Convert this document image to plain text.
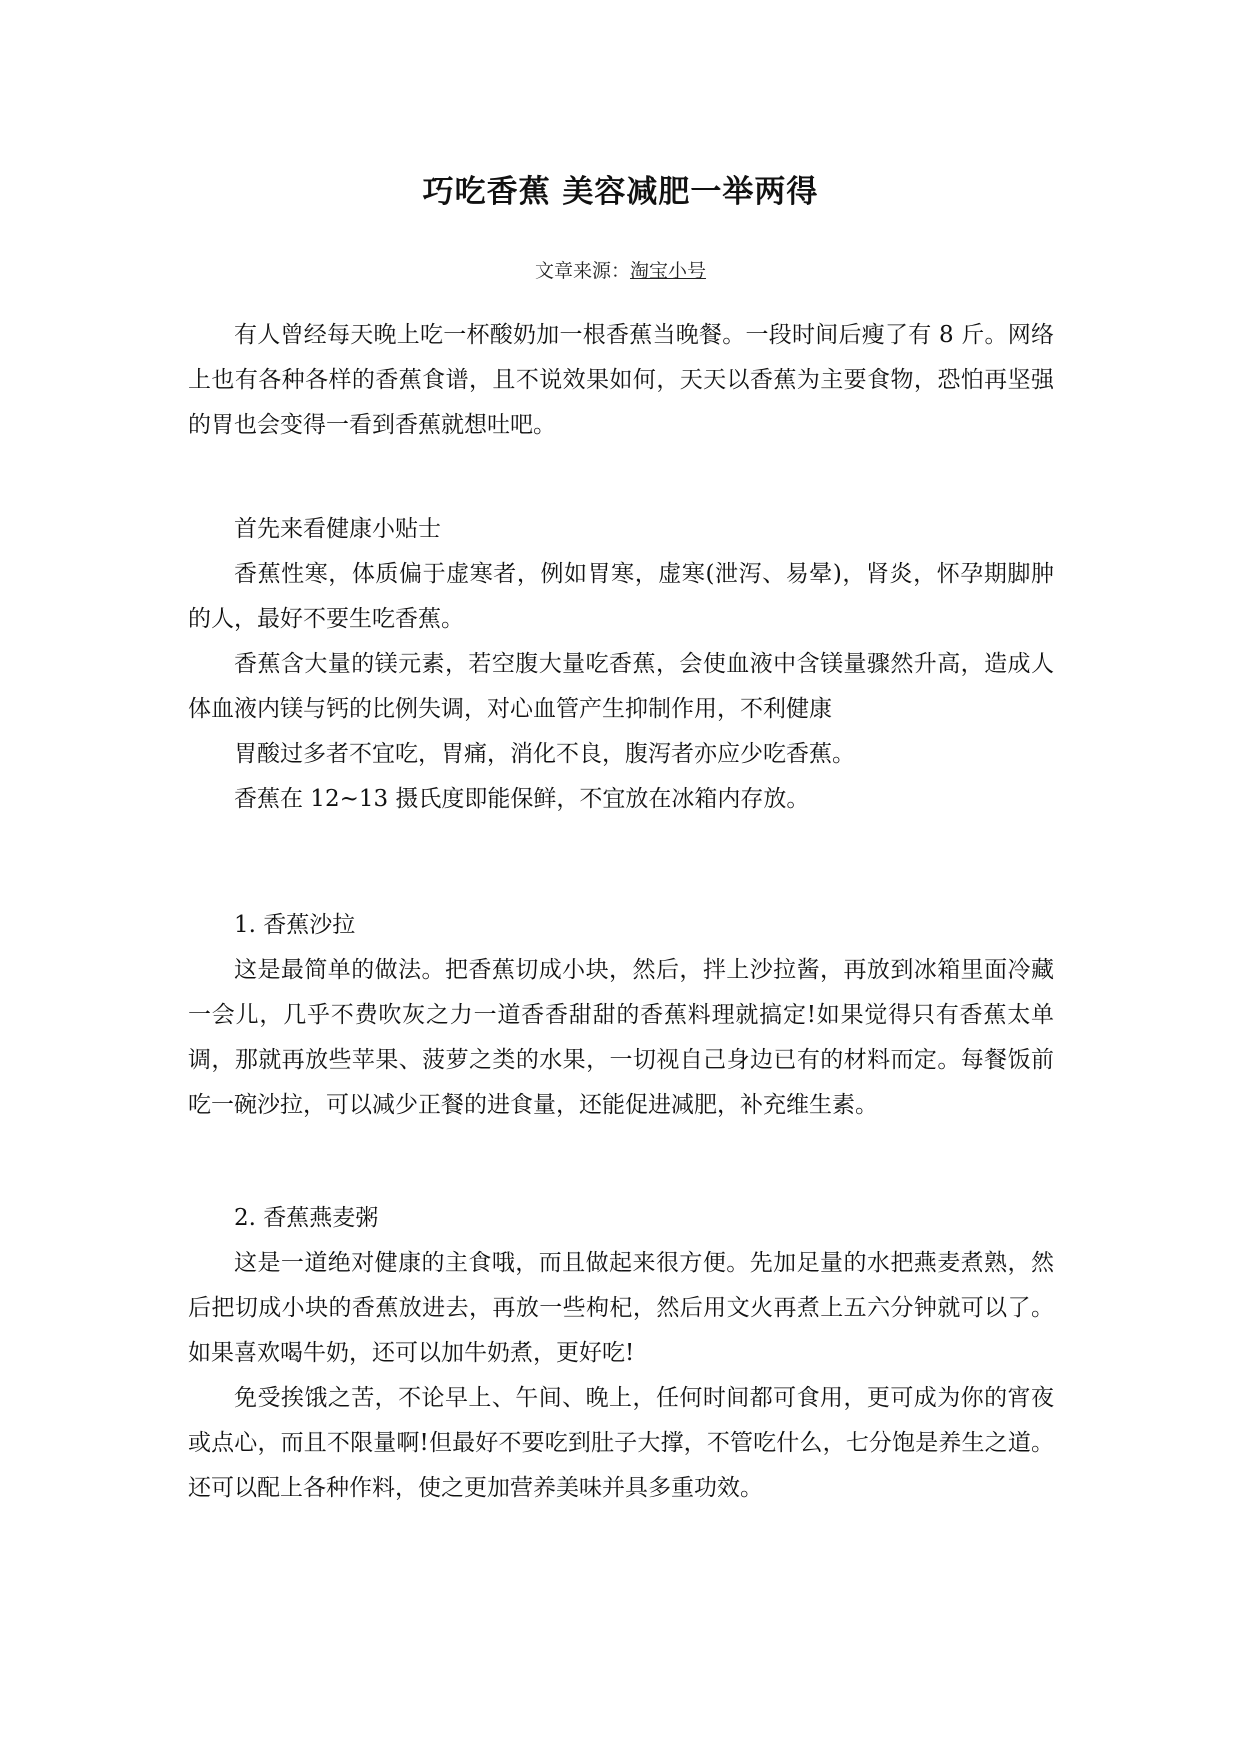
巧吃香蕉 美容减肥一举两得
文章来源：淘宝小号

有人曾经每天晚上吃一杯酸奶加一根香蕉当晚餐。一段时间后瘦了有 8 斤。网络上也有各种各样的香蕉食谱，且不说效果如何，天天以香蕉为主要食物，恐怕再坚强的胃也会变得一看到香蕉就想吐吧。

首先来看健康小贴士

香蕉性寒，体质偏于虚寒者，例如胃寒，虚寒(泄泻、易晕)，肾炎，怀孕期脚肿的人，最好不要生吃香蕉。

香蕉含大量的镁元素，若空腹大量吃香蕉，会使血液中含镁量骤然升高，造成人体血液内镁与钙的比例失调，对心血管产生抑制作用，不利健康

胃酸过多者不宜吃，胃痛，消化不良，腹泻者亦应少吃香蕉。

香蕉在 12~13 摄氏度即能保鲜，不宜放在冰箱内存放。

1. 香蕉沙拉

这是最简单的做法。把香蕉切成小块，然后，拌上沙拉酱，再放到冰箱里面冷藏一会儿，几乎不费吹灰之力一道香香甜甜的香蕉料理就搞定!如果觉得只有香蕉太单调，那就再放些苹果、菠萝之类的水果，一切视自己身边已有的材料而定。每餐饭前吃一碗沙拉，可以减少正餐的进食量，还能促进减肥，补充维生素。

2. 香蕉燕麦粥

这是一道绝对健康的主食哦，而且做起来很方便。先加足量的水把燕麦煮熟，然后把切成小块的香蕉放进去，再放一些枸杞，然后用文火再煮上五六分钟就可以了。如果喜欢喝牛奶，还可以加牛奶煮，更好吃!

免受挨饿之苦，不论早上、午间、晚上，任何时间都可食用，更可成为你的宵夜或点心，而且不限量啊!但最好不要吃到肚子大撑，不管吃什么，七分饱是养生之道。还可以配上各种作料，使之更加营养美味并具多重功效。
